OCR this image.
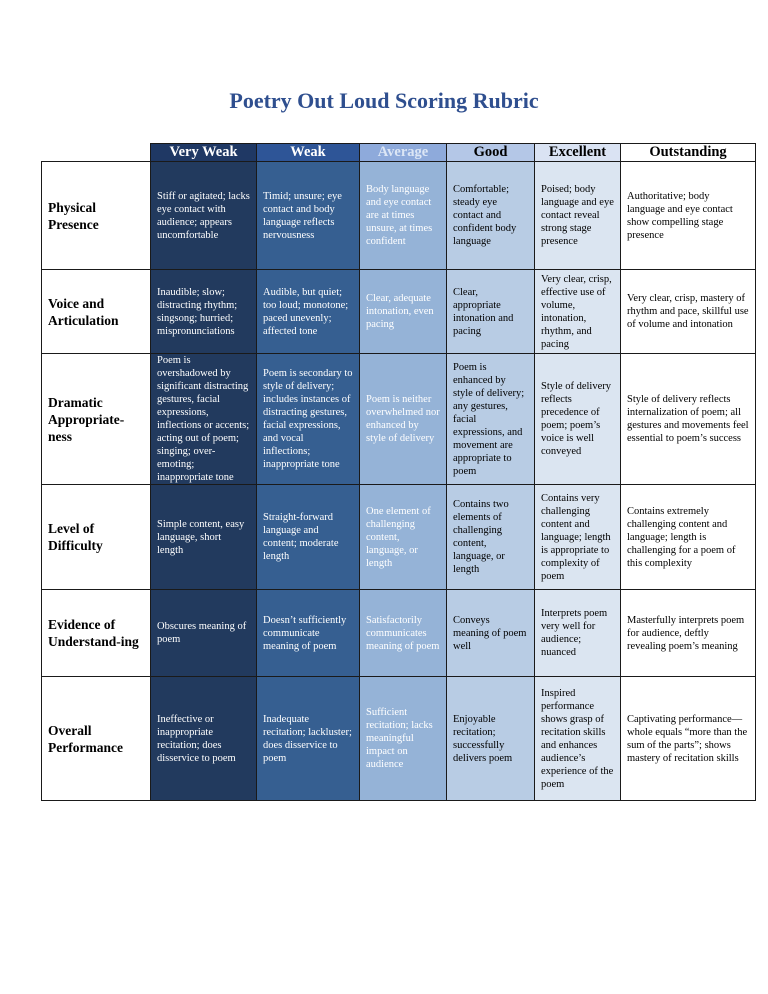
Poetry Out Loud Scoring Rubric
	Very Weak	Weak	Average	Good	Excellent	Outstanding
Physical Presence	Stiff or agitated; lacks eye contact with audience; appears uncomfortable	Timid; unsure; eye contact and body language reflects nervousness	Body language and eye contact are at times unsure, at times confident	Comfortable; steady eye contact and confident body language	Poised; body language and eye contact reveal strong stage presence	Authoritative; body language and eye contact show compelling stage presence
Voice and Articulation	Inaudible; slow; distracting rhythm; singsong; hurried; mispronunciations	Audible, but quiet; too loud; monotone; paced unevenly; affected tone	Clear, adequate intonation, even pacing	Clear, appropriate intonation and pacing	Very clear, crisp, effective use of volume, intonation, rhythm, and pacing	Very clear, crisp, mastery of rhythm and pace, skillful use of volume and intonation
Dramatic Appropriate-ness	Poem is overshadowed by significant distracting gestures, facial expressions, inflections or accents; acting out of poem; singing; over-emoting; inappropriate tone	Poem is secondary to style of delivery; includes instances of distracting gestures, facial expressions, and vocal inflections; inappropriate tone	Poem is neither overwhelmed nor enhanced by style of delivery	Poem is enhanced by style of delivery; any gestures, facial expressions, and movement are appropriate to poem	Style of delivery reflects precedence of poem; poem’s voice is well conveyed	Style of delivery reflects internalization of poem; all gestures and movements feel essential to poem’s success
Level of Difficulty	Simple content, easy language, short length	Straight-forward language and content; moderate length	One element of challenging content, language, or length	Contains two elements of challenging content, language, or length	Contains very challenging content and language; length is appropriate to complexity of poem	Contains extremely challenging content and language; length is challenging for a poem of this complexity
Evidence of Understand-ing	Obscures meaning of poem	Doesn’t sufficiently communicate meaning of poem	Satisfactorily communicates meaning of poem	Conveys meaning of poem well	Interprets poem very well for audience; nuanced	Masterfully interprets poem for audience, deftly revealing poem’s meaning
Overall Performance	Ineffective or inappropriate recitation; does disservice to poem	Inadequate recitation; lackluster; does disservice to poem	Sufficient recitation; lacks meaningful impact on audience	Enjoyable recitation; successfully delivers poem	Inspired performance shows grasp of recitation skills and enhances audience’s experience of the poem	Captivating performance—whole equals “more than the sum of the parts”; shows mastery of recitation skills
